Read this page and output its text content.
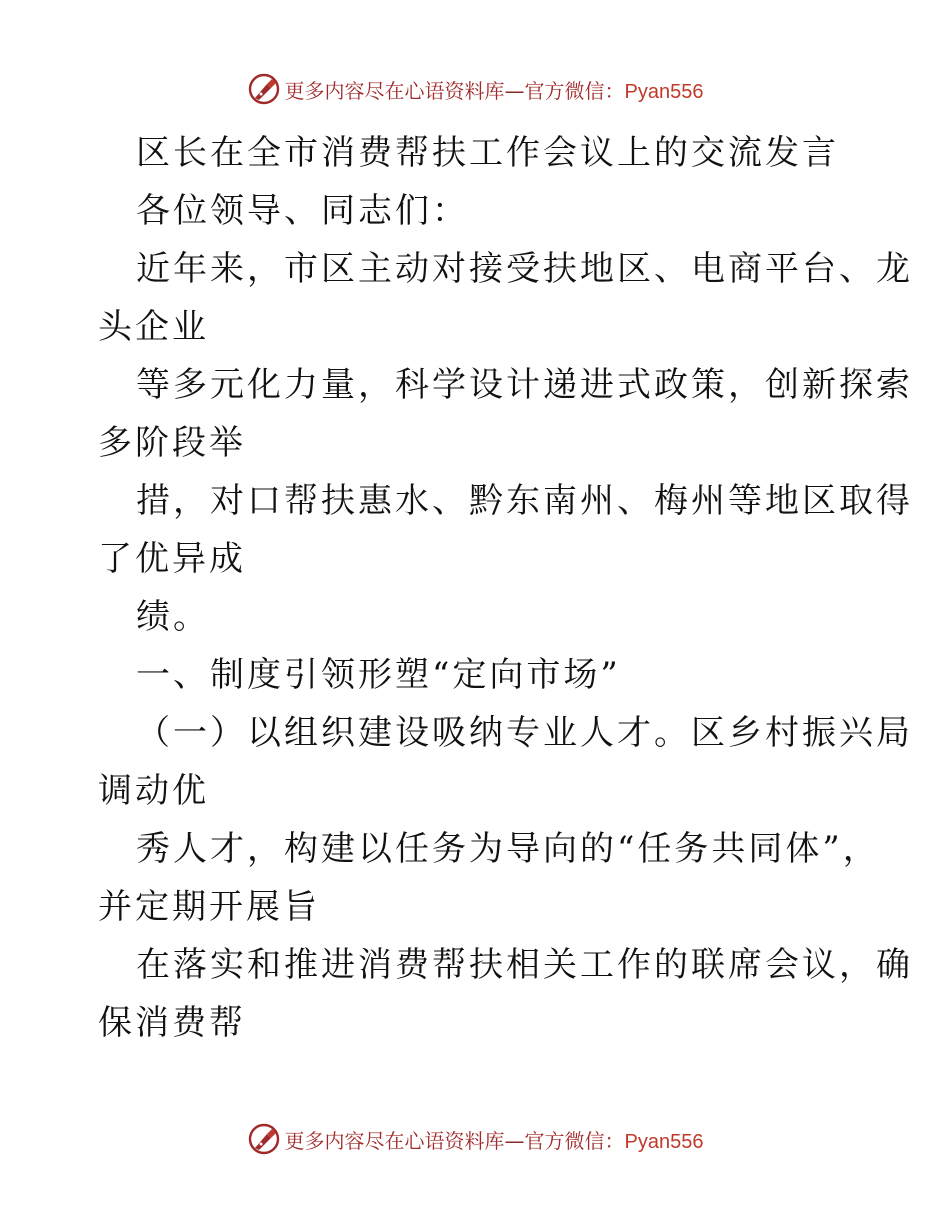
更多内容尽在心语资料库—官方微信：Pyan556
区长在全市消费帮扶工作会议上的交流发言
各位领导、同志们：
近年来，市区主动对接受扶地区、电商平台、龙
头企业
等多元化力量，科学设计递进式政策，创新探索
多阶段举
措，对口帮扶惠水、黔东南州、梅州等地区取得
了优异成
绩。
一、制度引领形塑“定向市场”
（一）以组织建设吸纳专业人才。区乡村振兴局
调动优
秀人才，构建以任务为导向的“任务共同体”，
并定期开展旨
在落实和推进消费帮扶相关工作的联席会议，确
保消费帮
更多内容尽在心语资料库—官方微信：Pyan556
